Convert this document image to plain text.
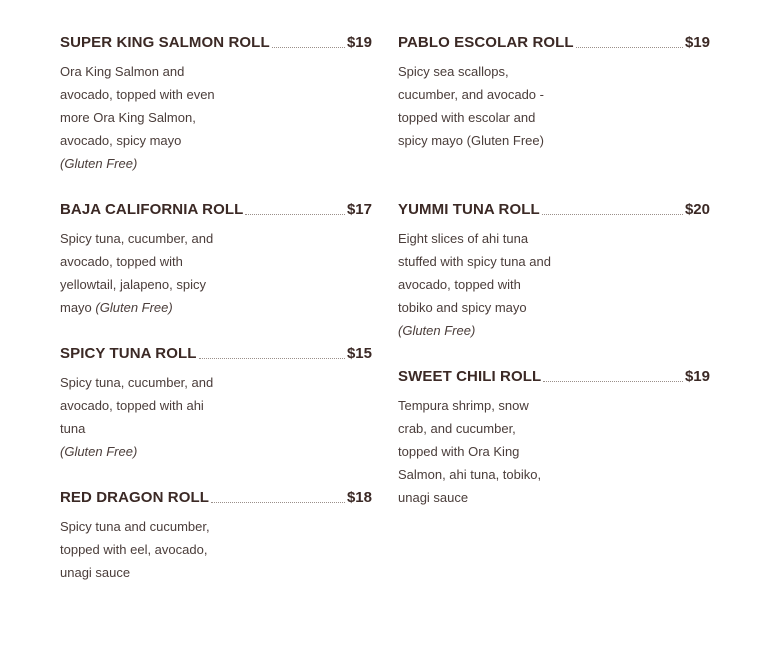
SUPER KING SALMON ROLL	$19
Ora King Salmon and avocado, topped with even more Ora King Salmon, avocado, spicy mayo
(Gluten Free)
BAJA CALIFORNIA ROLL	$17
Spicy tuna, cucumber, and avocado, topped with yellowtail, jalapeno, spicy mayo (Gluten Free)
SPICY TUNA ROLL	$15
Spicy tuna, cucumber, and avocado, topped with ahi tuna
(Gluten Free)
RED DRAGON ROLL	$18
Spicy tuna and cucumber, topped with eel, avocado, unagi sauce
PABLO ESCOLAR ROLL	$19
Spicy sea scallops, cucumber, and avocado - topped with escolar and spicy mayo (Gluten Free)
YUMMI TUNA ROLL	$20
Eight slices of ahi tuna stuffed with spicy tuna and avocado, topped with tobiko and spicy mayo
(Gluten Free)
SWEET CHILI ROLL	$19
Tempura shrimp, snow crab, and cucumber, topped with Ora King Salmon, ahi tuna, tobiko, unagi sauce
